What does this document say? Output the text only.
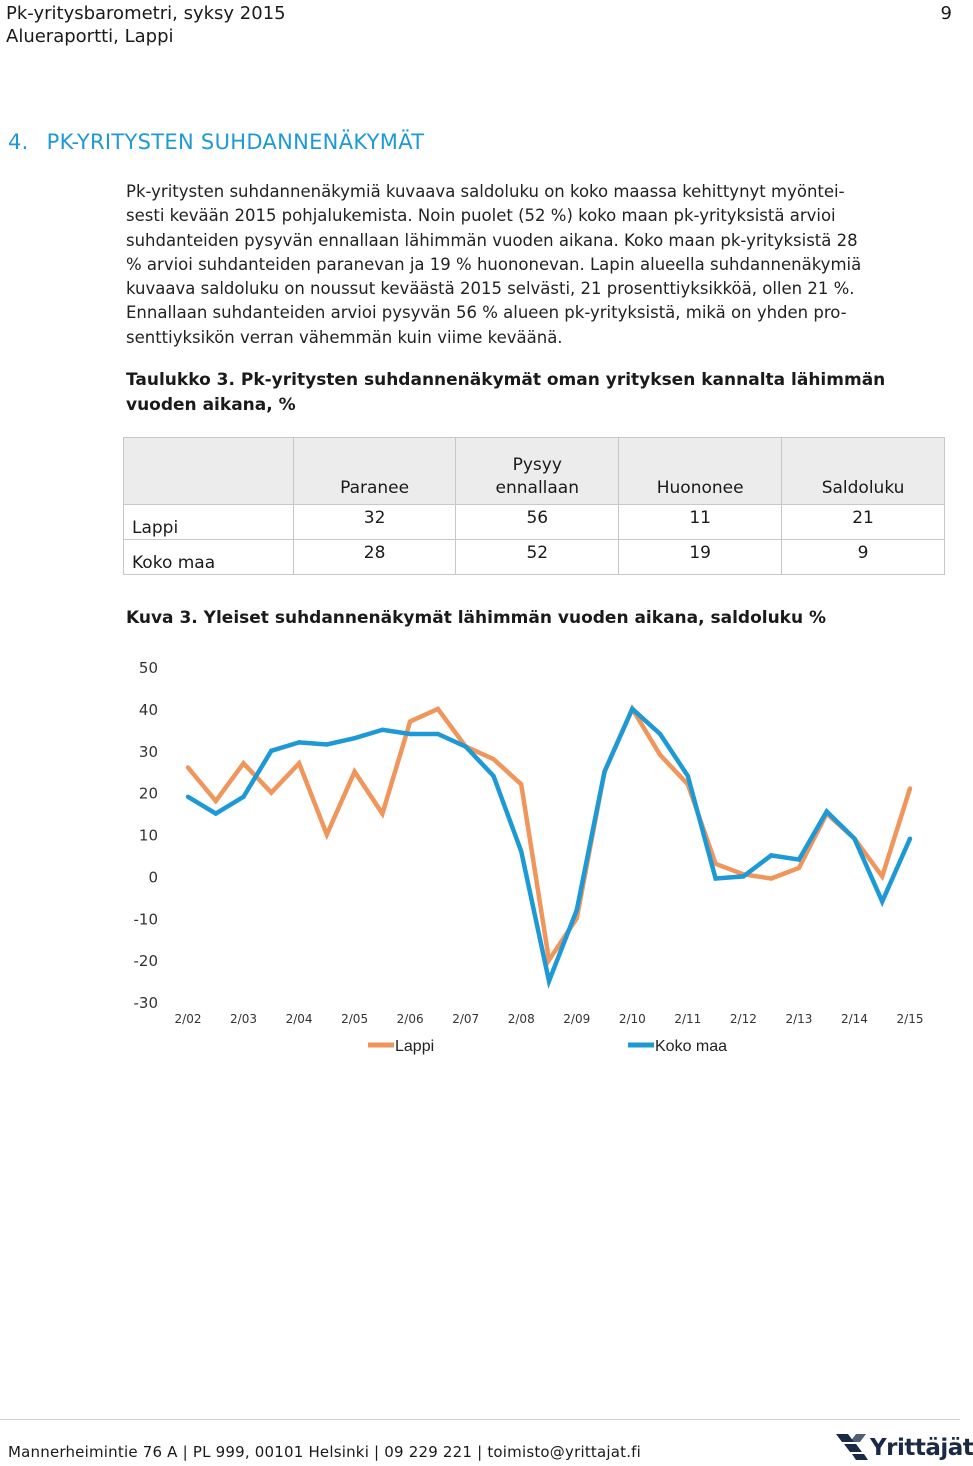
Pk-yritysbarometri, syksy 2015
Alueraportti, Lappi
9
4. PK-YRITYSTEN SUHDANNENÄKYMÄT

Pk-yritysten suhdannenäkymiä kuvaava saldoluku on koko maassa kehittynyt myöntei-

sesti kevään 2015 pohjalukemista. Noin puolet (52 %) koko maan pk-yrityksistä arvioi

suhdanteiden pysyvän ennallaan lähimmän vuoden aikana. Koko maan pk-yrityksistä 28

% arvioi suhdanteiden paranevan ja 19 % huononevan. Lapin alueella suhdannenäkymiä

kuvaava saldoluku on noussut keväästä 2015 selvästi, 21 prosenttiyksikköä, ollen 21 %.

Ennallaan suhdanteiden arvioi pysyvän 56 % alueen pk-yrityksistä, mikä on yhden pro-

senttiyksikön verran vähemmän kuin viime keväänä.

Taulukko 3. Pk-yritysten suhdannenäkymät oman yrityksen kannalta lähimmän
vuoden aikana, %
	Paranee	Pysyy
ennallaan	Huononee	Saldoluku
Lappi	32	56	11	21
Koko maa	28	52	19	9
Kuva 3. Yleiset suhdannenäkymät lähimmän vuoden aikana, saldoluku %
50
40
30
20
10
0
-10
-20
-30
2/02 2/03 2/04 2/05 2/06 2/07 2/08 2/09 2/10 2/11 2/12 2/13 2/14 2/15
Lappi	Koko maa
Mannerheimintie 76 A | PL 999, 00101 Helsinki | 09 229 221 | toimisto@yrittajat.fi	Yrittäjät
